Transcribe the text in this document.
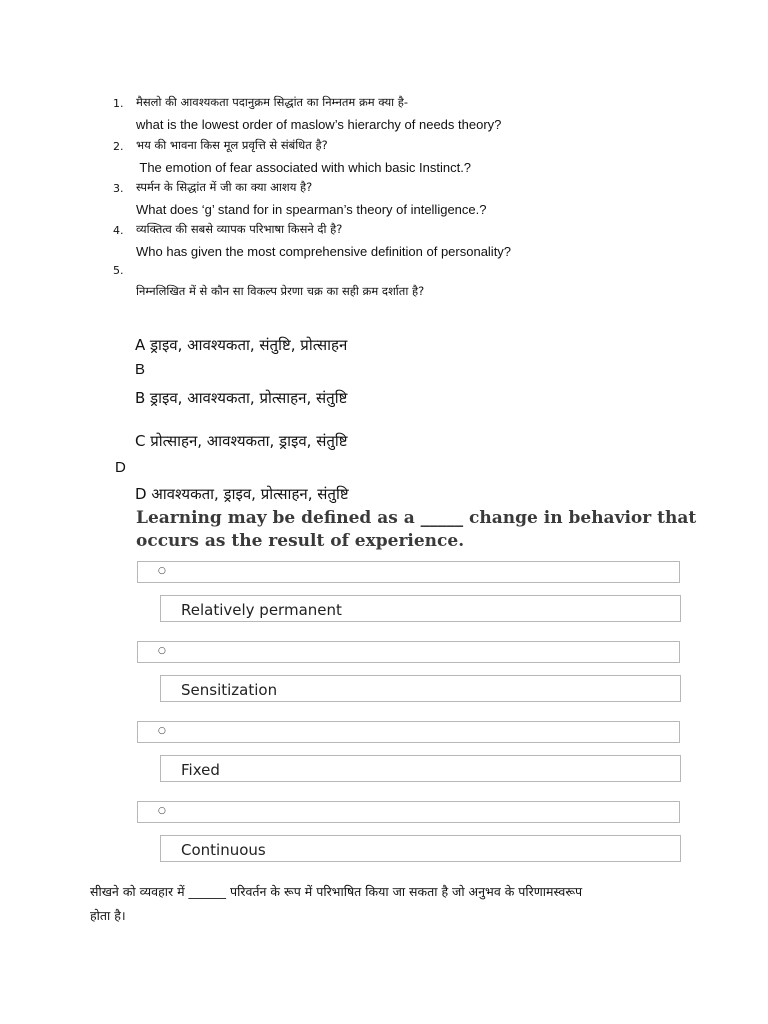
1. मैसलो की आवश्यकता पदानुक्रम सिद्धांत का निम्नतम क्रम क्या है-
what is the lowest order of maslow’s hierarchy of needs theory?
2. भय की भावना किस मूल प्रवृत्ति से संबंधित है?
The emotion of fear associated with which basic Instinct.?
3. स्पर्मन के सिद्धांत में जी का क्या आशय है?
What does ‘g’ stand for in spearman’s theory of intelligence.?
4. व्यक्तित्व की सबसे व्यापक परिभाषा किसने दी है?
Who has given the most comprehensive definition of personality?
5.
निम्नलिखित में से कौन सा विकल्प प्रेरणा चक्र का सही क्रम दर्शाता है?
A ड्राइव, आवश्यकता, संतुष्टि, प्रोत्साहन
B
B ड्राइव, आवश्यकता, प्रोत्साहन, संतुष्टि
C प्रोत्साहन, आवश्यकता, ड्राइव, संतुष्टि
D
D आवश्यकता, ड्राइव, प्रोत्साहन, संतुष्टि
Learning may be defined as a _____ change in behavior that
occurs as the result of experience.
○
Relatively permanent
○
Sensitization
○
Fixed
○
Continuous
सीखने को व्यवहार में ______ परिवर्तन के रूप में परिभाषित किया जा सकता है जो अनुभव के परिणामस्वरूप
होता है।
